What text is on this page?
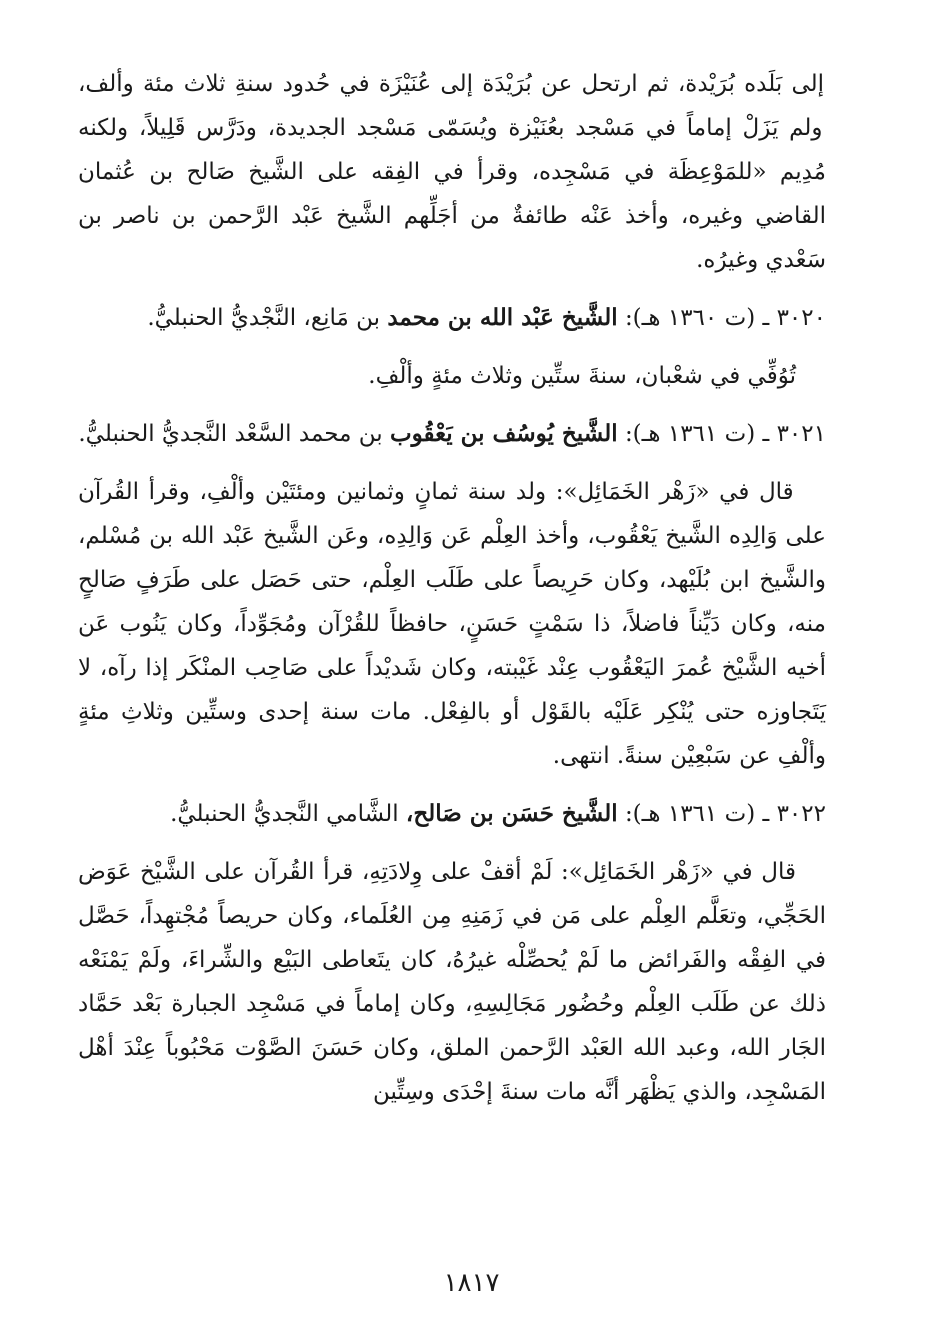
إلى بَلَده بُرَيْدة، ثم ارتحل عن بُرَيْدَة إلى عُنَيْزَة في حُدود سنةِ ثلاث مئة وألف، ولم يَزَلْ إماماً في مَسْجد بعُنَيْزة ويُسَمّى مَسْجد الجديدة، ودَرَّس قَلِيلاً، ولكنه مُدِيم «للمَوْعِظَة في مَسْجِده، وقرأ في الفِقه على الشَّيخ صَالح بن عُثمان القاضي وغيره، وأخذ عَنْه طائفةٌ من أجَلِّهم الشَّيخ عَبْد الرَّحمن بن ناصر بن سَعْدي وغيرُه.

٣٠٢٠ ـ (ت ١٣٦٠ هـ): الشَّيخ عَبْد الله بن محمد بن مَانِع، النَّجْديُّ الحنبليُّ.

تُوُفِّي في شعْبان، سنةَ ستِّين وثلاث مئةٍ وألْفِ.

٣٠٢١ ـ (ت ١٣٦١ هـ): الشَّيخ يُوسُف بن يَعْقُوب بن محمد السَّعْد النَّجديُّ الحنبليُّ.

قال في «زَهْر الخَمَائِل»: ولد سنة ثمانٍ وثمانين ومئتَيْن وألْفِ، وقرأ القُرآن على وَالِدِه الشَّيخ يَعْقُوب، وأخذ العِلْم عَن وَالِدِه، وعَن الشَّيخ عَبْد الله بن مُسْلم، والشَّيخ ابن بُلَيْهد، وكان حَرِيصاً على طَلَب العِلْم، حتى حَصَل على طَرَفٍ صَالحٍ منه، وكان دَيِّناً فاضلاً، ذا سَمْتٍ حَسَنٍ، حافظاً للقُرْآن ومُجَوِّداً، وكان يَنُوب عَن أخيه الشَّيْخ عُمرَ اليَعْقُوب عِنْد غَيْبته، وكان شَديْداً على صَاحِب المنْكَر إذا رآه، لا يَتَجاوزه حتى يُنْكِر عَلَيْه بالقَوْل أو بالفِعْل. مات سنة إحدى وستِّين وثلاثِ مئةٍ وألْفِ عن سَبْعِيْن سنةً. انتهى.

٣٠٢٢ ـ (ت ١٣٦١ هـ): الشَّيخ حَسَن بن صَالح، الشَّامي النَّجديُّ الحنبليُّ.

قال في «زَهْر الخَمَائِل»: لَمْ أقفْ على وِلادَتِهِ، قرأ القُرآن على الشَّيْخ عَوَض الحَجِّي، وتعَلَّم العِلْم على مَن في زَمَنِهِ مِن العُلَماء، وكان حريصاً مُجْتهِداً، حَصَّل في الفِقْه والفَرائض ما لَمْ يُحصِّلْه غيرُهُ، كان يتَعاطى البَيْع والشِّراءَ، ولَمْ يَمْنَعْه ذلك عن طَلَب العِلْم وحُضُور مَجَالِسِهِ، وكان إماماً في مَسْجِد الجبارة بَعْد حَمَّاد الجَار الله، وعبد الله العَبْد الرَّحمن الملق، وكان حَسَنَ الصَّوْت مَحْبُوباً عِنْدَ أهْل المَسْجِد، والذي يَظْهَر أنَّه مات سنةَ إحْدَى وسِتِّين

١٨١٧
